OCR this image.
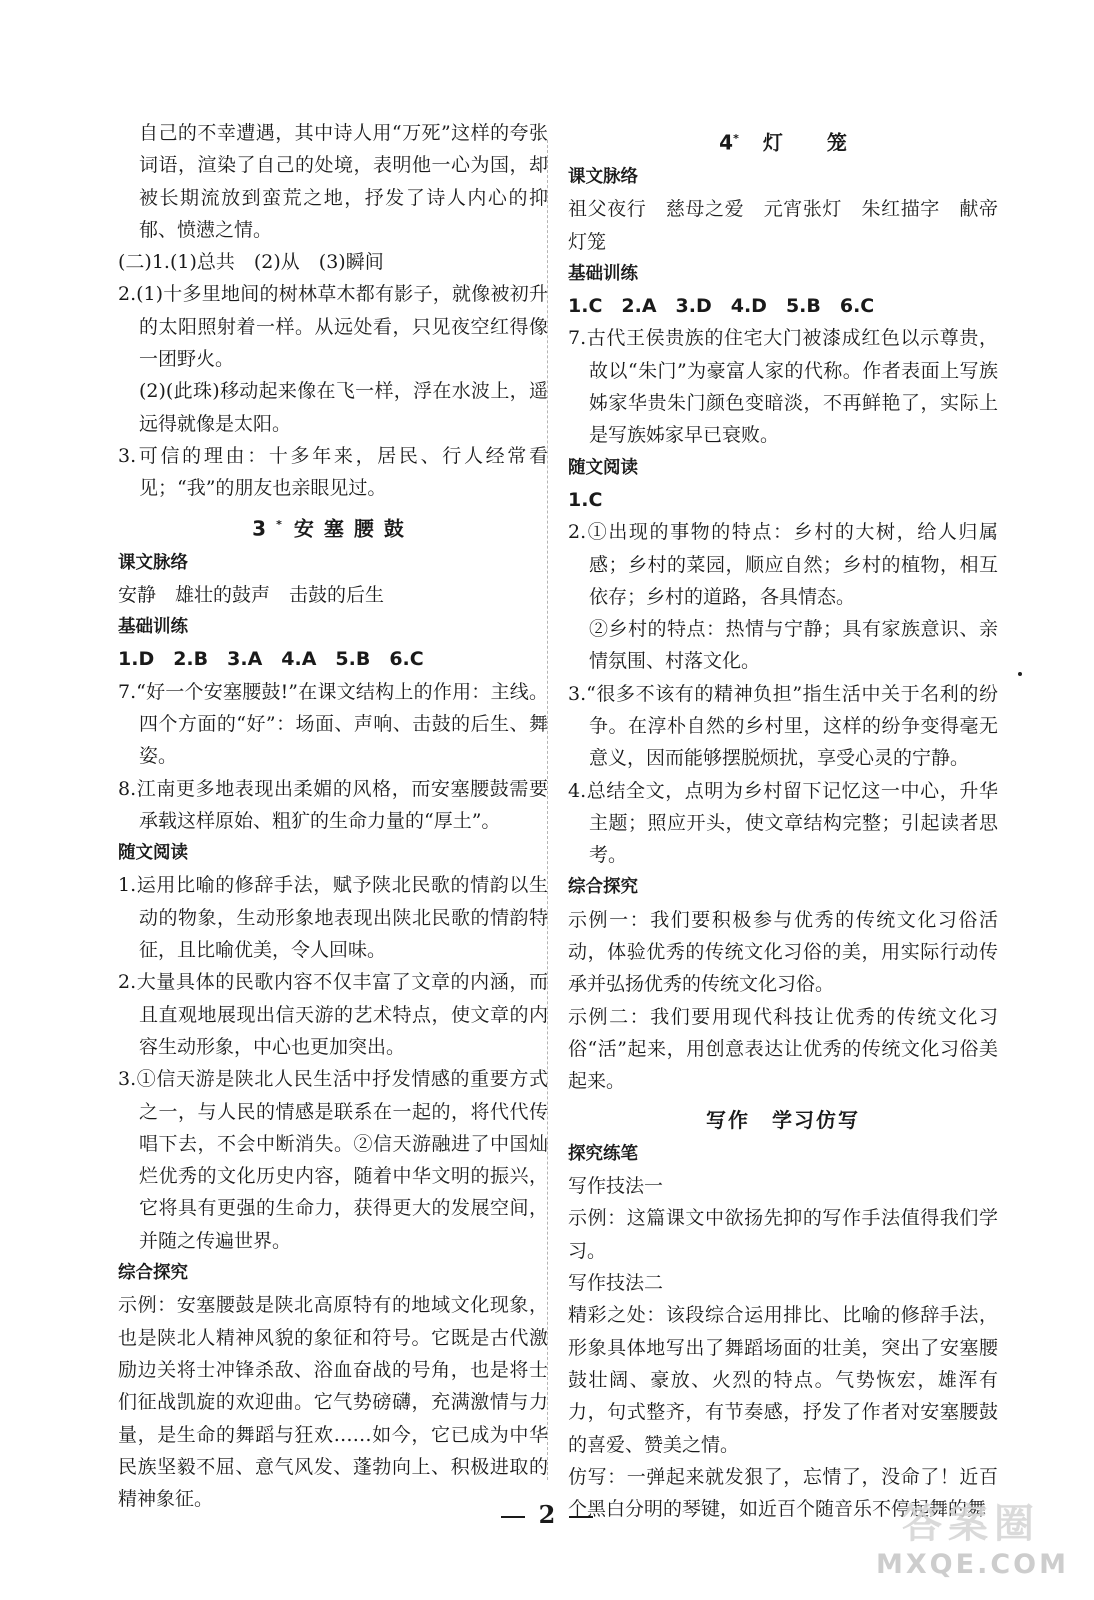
自己的不幸遭遇，其中诗人用“万死”这样的夸张词语，渲染了自己的处境，表明他一心为国，却被长期流放到蛮荒之地，抒发了诗人内心的抑郁、愤懑之情。

(二)1.(1)总共　(2)从　(3)瞬间

2.(1)十多里地间的树林草木都有影子，就像被初升的太阳照射着一样。从远处看，只见夜空红得像一团野火。

(2)(此珠)移动起来像在飞一样，浮在水波上，遥远得就像是太阳。

3.可信的理由：十多年来，居民、行人经常看见；“我”的朋友也亲眼见过。

3* 安塞腰鼓

课文脉络

安静　雄壮的鼓声　击鼓的后生

基础训练

1.D　2.B　3.A　4.A　5.B　6.C

7.“好一个安塞腰鼓!”在课文结构上的作用：主线。四个方面的“好”：场面、声响、击鼓的后生、舞姿。

8.江南更多地表现出柔媚的风格，而安塞腰鼓需要承载这样原始、粗犷的生命力量的“厚土”。

随文阅读

1.运用比喻的修辞手法，赋予陕北民歌的情韵以生动的物象，生动形象地表现出陕北民歌的情韵特征，且比喻优美，令人回味。

2.大量具体的民歌内容不仅丰富了文章的内涵，而且直观地展现出信天游的艺术特点，使文章的内容生动形象，中心也更加突出。

3.①信天游是陕北人民生活中抒发情感的重要方式之一，与人民的情感是联系在一起的，将代代传唱下去，不会中断消失。②信天游融进了中国灿烂优秀的文化历史内容，随着中华文明的振兴，它将具有更强的生命力，获得更大的发展空间，并随之传遍世界。

综合探究

示例：安塞腰鼓是陕北高原特有的地域文化现象，也是陕北人精神风貌的象征和符号。它既是古代激励边关将士冲锋杀敌、浴血奋战的号角，也是将士们征战凯旋的欢迎曲。它气势磅礴，充满激情与力量，是生命的舞蹈与狂欢……如今，它已成为中华民族坚毅不屈、意气风发、蓬勃向上、积极进取的精神象征。

4* 灯 笼

课文脉络

祖父夜行　慈母之爱　元宵张灯　朱红描字　献帝灯笼

基础训练

1.C　2.A　3.D　4.D　5.B　6.C

7.古代王侯贵族的住宅大门被漆成红色以示尊贵，故以“朱门”为豪富人家的代称。作者表面上写族姊家华贵朱门颜色变暗淡，不再鲜艳了，实际上是写族姊家早已衰败。

随文阅读

1.C

2.①出现的事物的特点：乡村的大树，给人归属感；乡村的菜园，顺应自然；乡村的植物，相互依存；乡村的道路，各具情态。

②乡村的特点：热情与宁静；具有家族意识、亲情氛围、村落文化。

3.“很多不该有的精神负担”指生活中关于名利的纷争。在淳朴自然的乡村里，这样的纷争变得毫无意义，因而能够摆脱烦扰，享受心灵的宁静。

4.总结全文，点明为乡村留下记忆这一中心，升华主题；照应开头，使文章结构完整；引起读者思考。

综合探究

示例一：我们要积极参与优秀的传统文化习俗活动，体验优秀的传统文化习俗的美，用实际行动传承并弘扬优秀的传统文化习俗。

示例二：我们要用现代科技让优秀的传统文化习俗“活”起来，用创意表达让优秀的传统文化习俗美起来。

写作 学习仿写

探究练笔

写作技法一

示例：这篇课文中欲扬先抑的写作手法值得我们学习。

写作技法二

精彩之处：该段综合运用排比、比喻的修辞手法，形象具体地写出了舞蹈场面的壮美，突出了安塞腰鼓壮阔、豪放、火烈的特点。气势恢宏，雄浑有力，句式整齐，有节奏感，抒发了作者对安塞腰鼓的喜爱、赞美之情。

仿写：一弹起来就发狠了，忘情了，没命了！近百个黑白分明的琴键，如近百个随音乐不停起舞的舞

2	答案圈
MXQE.COM
